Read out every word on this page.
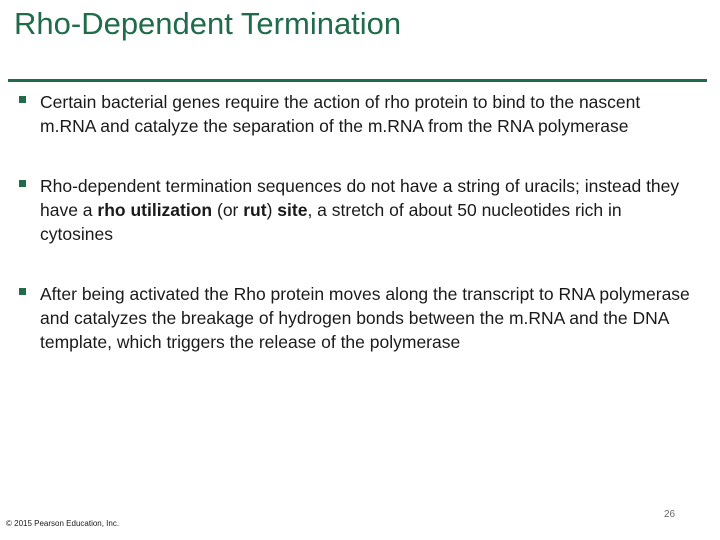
Rho-Dependent Termination
Certain bacterial genes require the action of rho protein to bind to the nascent m.RNA and catalyze the separation of the m.RNA from the RNA polymerase
Rho-dependent termination sequences do not have a string of uracils; instead they have a rho utilization (or rut) site, a stretch of about 50 nucleotides rich in cytosines
After being activated the Rho protein moves along the transcript to RNA polymerase and catalyzes the breakage of hydrogen bonds between the m.RNA and the DNA template, which triggers the release of the polymerase
© 2015 Pearson Education, Inc.
26
